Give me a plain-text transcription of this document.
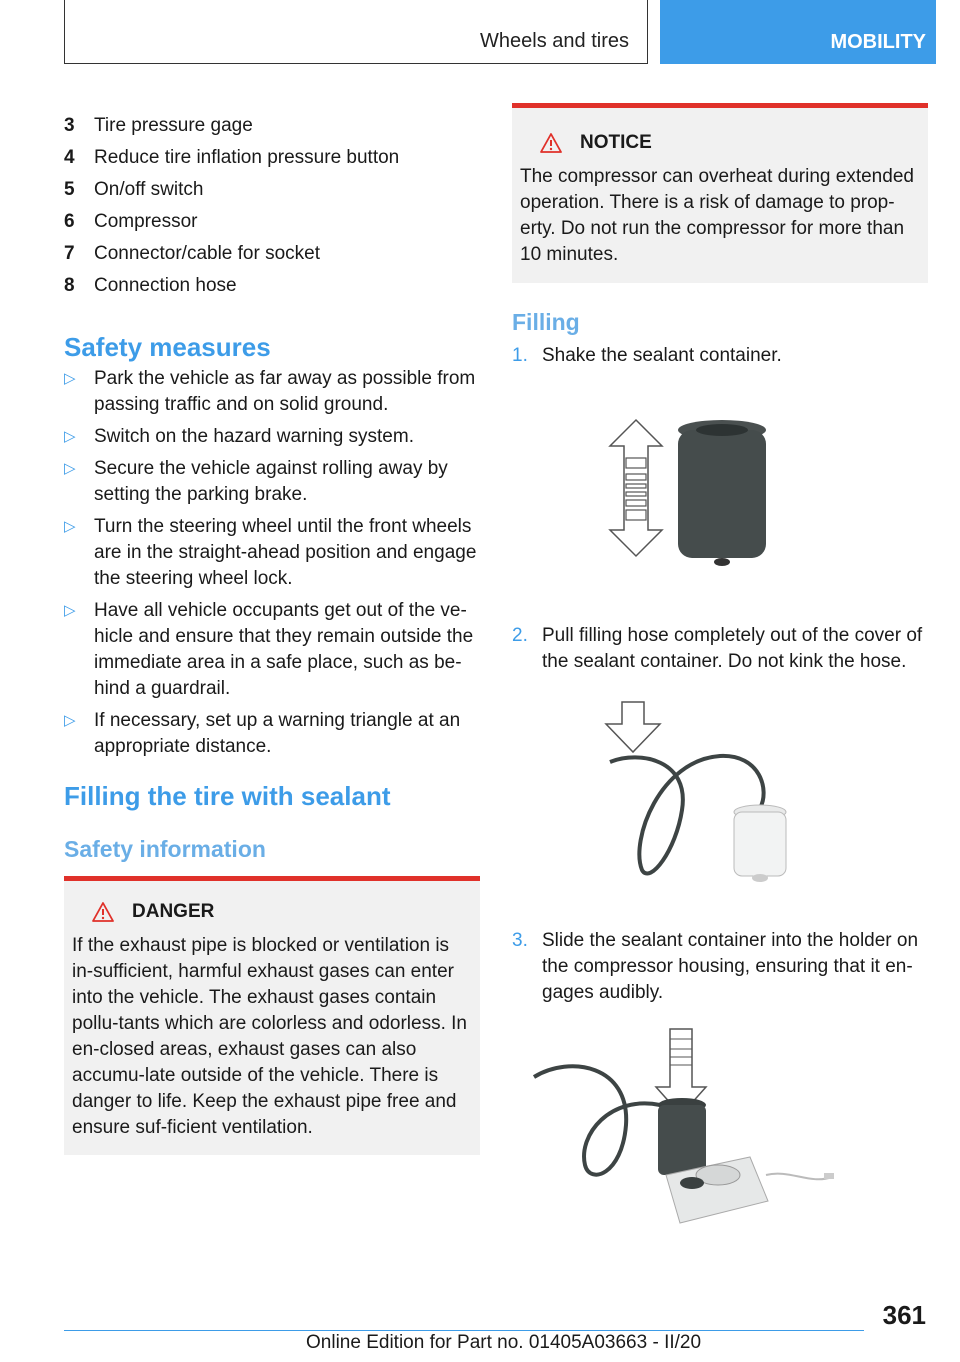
Wheels and tires	MOBILITY
3	Tire pressure gage
4	Reduce tire inflation pressure button
5	On/off switch
6	Compressor
7	Connector/cable for socket
8	Connection hose
Safety measures
▷ Park the vehicle as far away as possible from passing traffic and on solid ground.
▷ Switch on the hazard warning system.
▷ Secure the vehicle against rolling away by setting the parking brake.
▷ Turn the steering wheel until the front wheels are in the straight-ahead position and engage the steering wheel lock.
▷ Have all vehicle occupants get out of the ve-hicle and ensure that they remain outside the immediate area in a safe place, such as be-hind a guardrail.
▷ If necessary, set up a warning triangle at an appropriate distance.
Filling the tire with sealant
Safety information
DANGER
If the exhaust pipe is blocked or ventilation is in-sufficient, harmful exhaust gases can enter into the vehicle. The exhaust gases contain pollu-tants which are colorless and odorless. In en-closed areas, exhaust gases can also accumu-late outside of the vehicle. There is danger to life. Keep the exhaust pipe free and ensure suf-ficient ventilation.
NOTICE
The compressor can overheat during extended operation. There is a risk of damage to prop-erty. Do not run the compressor for more than 10 minutes.
Filling
1. Shake the sealant container.
2. Pull filling hose completely out of the cover of the sealant container. Do not kink the hose.
3. Slide the sealant container into the holder on the compressor housing, ensuring that it en-gages audibly.
361
Online Edition for Part no. 01405A03663 - II/20
